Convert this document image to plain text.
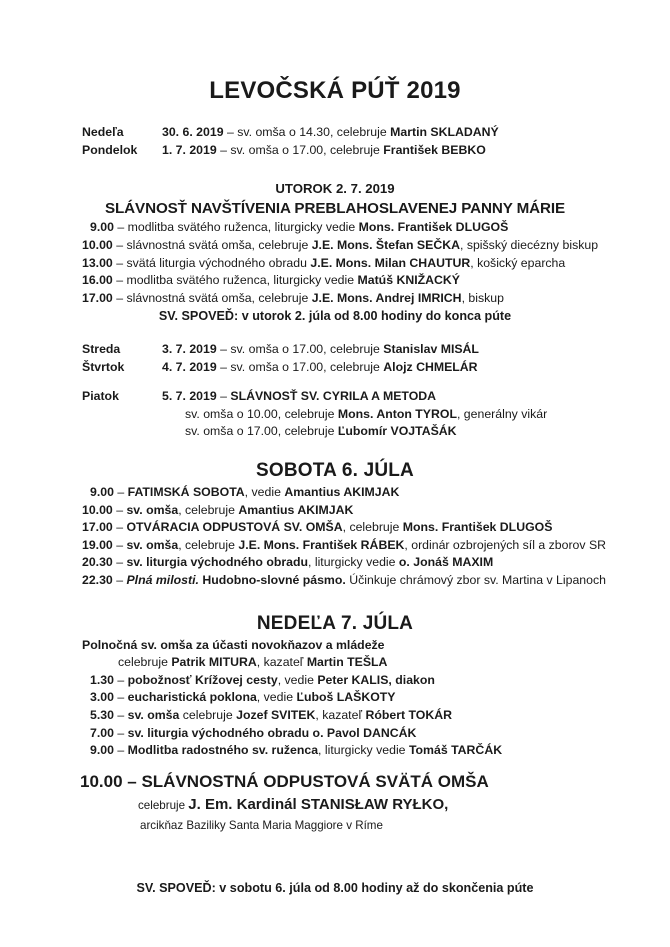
LEVOČSKÁ PÚŤ 2019
Nedeľa	30. 6. 2019 – sv. omša o 14.30, celebruje Martin SKLADANÝ
Pondelok	1. 7. 2019 – sv. omša o 17.00, celebruje František BEBKO
UTOROK 2. 7. 2019
SLÁVNOSŤ NAVŠTÍVENIA PREBLAHOSLAVENEJ PANNY MÁRIE
9.00 – modlitba svätého ruženca, liturgicky vedie Mons. František DLUGOŠ
10.00 – slávnostná svätá omša, celebruje J.E. Mons. Štefan SEČKA, spišský diecézny biskup
13.00 – svätá liturgia východného obradu J.E. Mons. Milan CHAUTUR, košický eparcha
16.00 – modlitba svätého ruženca, liturgicky vedie Matúš KNIŽACKÝ
17.00 – slávnostná svätá omša, celebruje J.E. Mons. Andrej IMRICH, biskup
SV. SPOVEĎ: v utorok 2. júla od 8.00 hodiny do konca púte
Streda	3. 7. 2019 – sv. omša o 17.00, celebruje Stanislav MISÁL
Štvrtok	4. 7. 2019 – sv. omša o 17.00, celebruje Alojz CHMELÁR
Piatok	5. 7. 2019 – SLÁVNOSŤ SV. CYRILA A METODA
sv. omša o 10.00, celebruje Mons. Anton TYROL, generálny vikár
sv. omša o 17.00, celebruje Ľubomír VOJTAŠÁK
SOBOTA 6. JÚLA
9.00 – FATIMSKÁ SOBOTA, vedie Amantius AKIMJAK
10.00 – sv. omša, celebruje Amantius AKIMJAK
17.00 – OTVÁRACIA ODPUSTOVÁ SV. OMŠA, celebruje Mons. František DLUGOŠ
19.00 – sv. omša, celebruje J.E. Mons. František RÁBEK, ordinár ozbrojených síl a zborov SR
20.30 – sv. liturgia východného obradu, liturgicky vedie o. Jonáš MAXIM
22.30 – Plná milosti. Hudobno-slovné pásmo. Účinkuje chrámový zbor sv. Martina v Lipanoch
NEDEĽA 7. JÚLA
Polnočná sv. omša za účasti novokňazov a mládeže
celebruje Patrik MITURA, kazateľ Martin TEŠLA
1.30 – pobožnosť Krížovej cesty, vedie Peter KALIS, diakon
3.00 – eucharistická poklona, vedie Ľuboš LAŠKOTY
5.30 – sv. omša celebruje Jozef SVITEK, kazateľ Róbert TOKÁR
7.00 – sv. liturgia východného obradu o. Pavol DANCÁK
9.00 – Modlitba radostného sv. ruženca, liturgicky vedie Tomáš TARČÁK
10.00 – SLÁVNOSTNÁ ODPUSTOVÁ SVÄTÁ OMŠA
celebruje J. Em. Kardinál STANISŁAW RYŁKO,
arcikňaz Baziliky Santa Maria Maggiore v Ríme
SV. SPOVEĎ: v sobotu 6. júla od 8.00 hodiny až do skončenia púte
